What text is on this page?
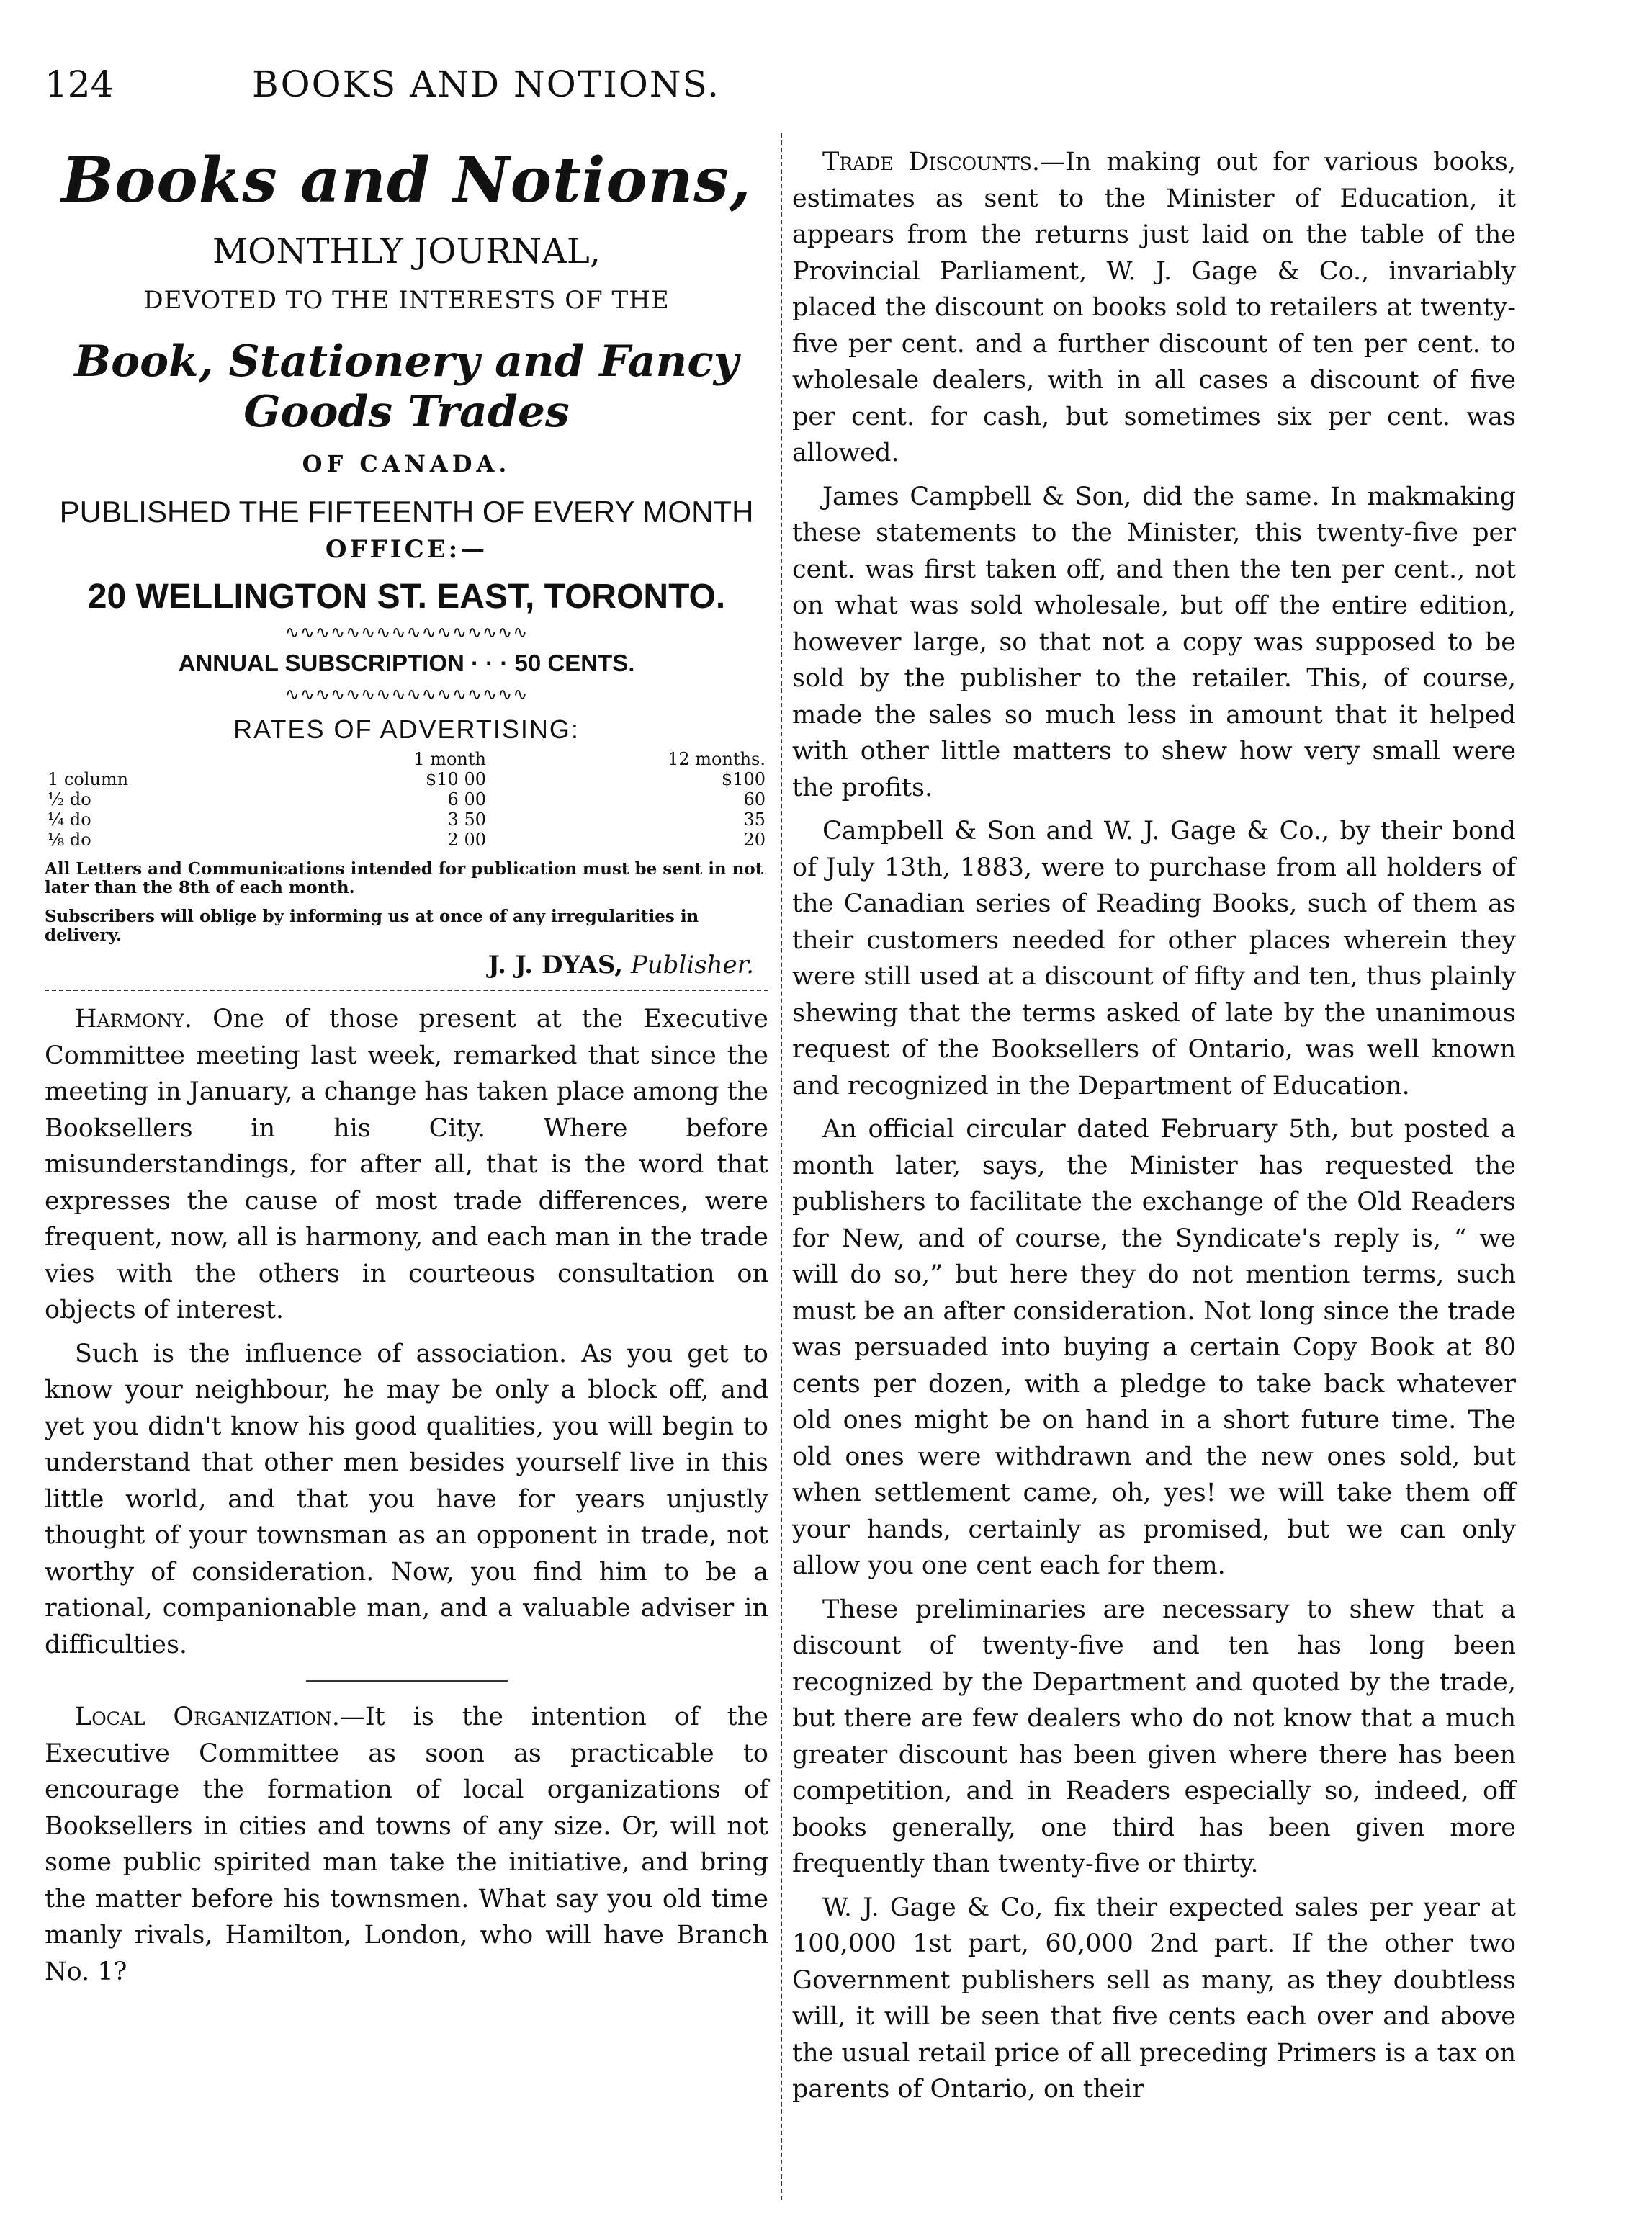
124	BOOKS AND NOTIONS.
Books and Notions,
MONTHLY JOURNAL,
DEVOTED TO THE INTERESTS OF THE
Book, Stationery and Fancy Goods Trades
OF CANADA.
PUBLISHED THE FIFTEENTH OF EVERY MONTH
OFFICE:—
20 WELLINGTON ST. EAST, TORONTO.
∿∿∿∿∿∿∿∿∿∿∿∿∿∿∿∿
ANNUAL SUBSCRIPTION · · · 50 CENTS.
∿∿∿∿∿∿∿∿∿∿∿∿∿∿∿∿
RATES OF ADVERTISING:
	1 month	12 months.
1 column	$10 00	$100
½ do	6 00	60
¼ do	3 50	35
⅛ do	2 00	20
All Letters and Communications intended for publication must be sent in not later than the 8th of each month.
Subscribers will oblige by informing us at once of any irregularities in delivery.
J. J. DYAS, Publisher.

Harmony. One of those present at the Executive Committee meeting last week, remarked that since the meeting in January, a change has taken place among the Booksellers in his City. Where before misunderstandings, for after all, that is the word that expresses the cause of most trade differences, were frequent, now, all is harmony, and each man in the trade vies with the others in courteous consultation on objects of interest.

Such is the influence of association. As you get to know your neighbour, he may be only a block off, and yet you didn't know his good qualities, you will begin to understand that other men besides yourself live in this little world, and that you have for years unjustly thought of your townsman as an opponent in trade, not worthy of consideration. Now, you find him to be a rational, companionable man, and a valuable adviser in difficulties.

Local Organization.—It is the intention of the Executive Committee as soon as practicable to encourage the formation of local organizations of Booksellers in cities and towns of any size. Or, will not some public spirited man take the initiative, and bring the matter before his townsmen. What say you old time manly rivals, Hamilton, London, who will have Branch No. 1?

Trade Discounts.—In making out for various books, estimates as sent to the Minister of Education, it appears from the returns just laid on the table of the Provincial Parliament, W. J. Gage & Co., invariably placed the discount on books sold to retailers at twenty-five per cent. and a further discount of ten per cent. to wholesale dealers, with in all cases a discount of five per cent. for cash, but sometimes six per cent. was allowed.

James Campbell & Son, did the same. In makmaking these statements to the Minister, this twenty-five per cent. was first taken off, and then the ten per cent., not on what was sold wholesale, but off the entire edition, however large, so that not a copy was supposed to be sold by the publisher to the retailer. This, of course, made the sales so much less in amount that it helped with other little matters to shew how very small were the profits.

Campbell & Son and W. J. Gage & Co., by their bond of July 13th, 1883, were to purchase from all holders of the Canadian series of Reading Books, such of them as their customers needed for other places wherein they were still used at a discount of fifty and ten, thus plainly shewing that the terms asked of late by the unanimous request of the Booksellers of Ontario, was well known and recognized in the Department of Education.

An official circular dated February 5th, but posted a month later, says, the Minister has requested the publishers to facilitate the exchange of the Old Readers for New, and of course, the Syndicate's reply is, “ we will do so,” but here they do not mention terms, such must be an after consideration. Not long since the trade was persuaded into buying a certain Copy Book at 80 cents per dozen, with a pledge to take back whatever old ones might be on hand in a short future time. The old ones were withdrawn and the new ones sold, but when settlement came, oh, yes! we will take them off your hands, certainly as promised, but we can only allow you one cent each for them.

These preliminaries are necessary to shew that a discount of twenty-five and ten has long been recognized by the Department and quoted by the trade, but there are few dealers who do not know that a much greater discount has been given where there has been competition, and in Readers especially so, indeed, off books generally, one third has been given more frequently than twenty-five or thirty.

W. J. Gage & Co, fix their expected sales per year at 100,000 1st part, 60,000 2nd part. If the other two Government publishers sell as many, as they doubtless will, it will be seen that five cents each over and above the usual retail price of all preceding Primers is a tax on parents of Ontario, on their
